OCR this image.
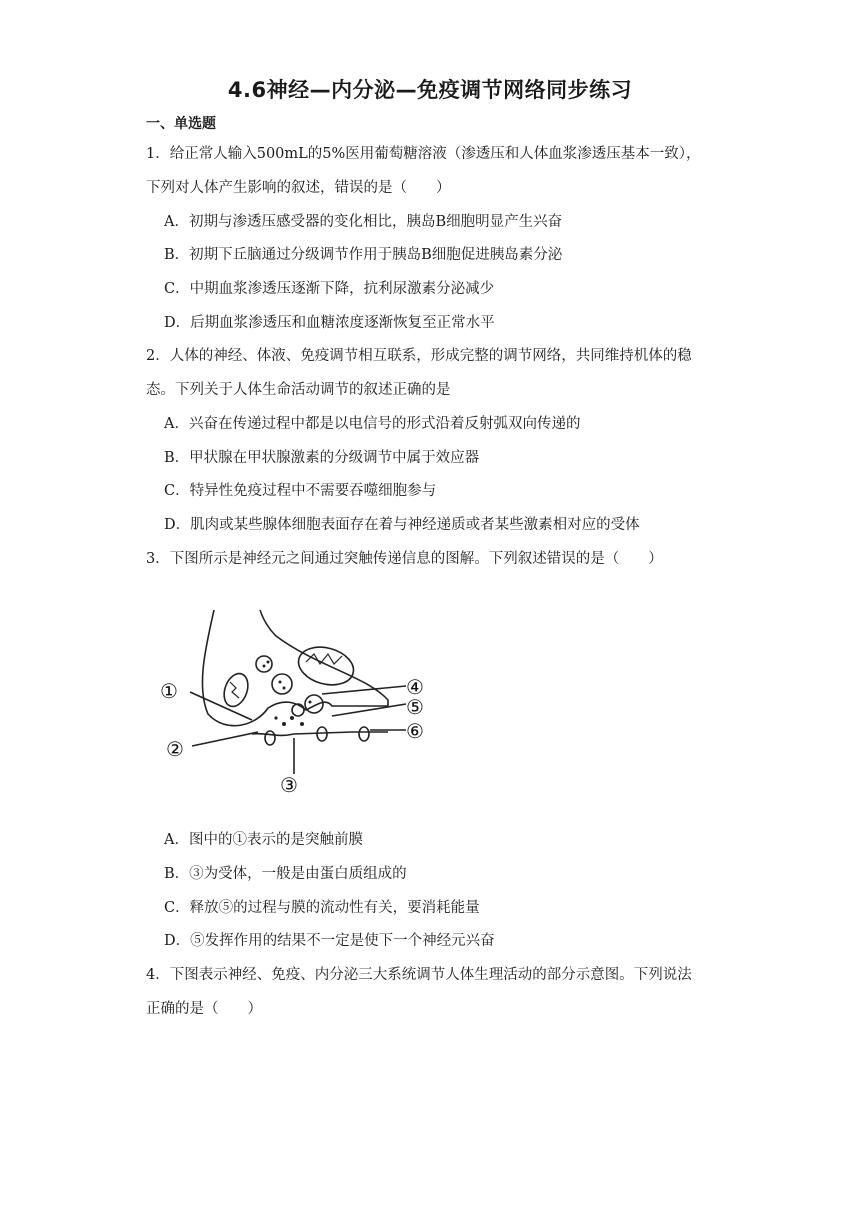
4.6神经—内分泌—免疫调节网络同步练习
一、单选题
1．给正常人输入500mL的5%医用葡萄糖溶液（渗透压和人体血浆渗透压基本一致），
下列对人体产生影响的叙述，错误的是（　　）
A．初期与渗透压感受器的变化相比，胰岛B细胞明显产生兴奋
B．初期下丘脑通过分级调节作用于胰岛B细胞促进胰岛素分泌
C．中期血浆渗透压逐渐下降，抗利尿激素分泌减少
D．后期血浆渗透压和血糖浓度逐渐恢复至正常水平
2．人体的神经、体液、免疫调节相互联系，形成完整的调节网络，共同维持机体的稳
态。下列关于人体生命活动调节的叙述正确的是
A．兴奋在传递过程中都是以电信号的形式沿着反射弧双向传递的
B．甲状腺在甲状腺激素的分级调节中属于效应器
C．特异性免疫过程中不需要吞噬细胞参与
D．肌肉或某些腺体细胞表面存在着与神经递质或者某些激素相对应的受体
3．下图所示是神经元之间通过突触传递信息的图解。下列叙述错误的是（　　）
①
②
③
④
⑤
⑥
A．图中的①表示的是突触前膜
B．③为受体，一般是由蛋白质组成的
C．释放⑤的过程与膜的流动性有关，要消耗能量
D．⑤发挥作用的结果不一定是使下一个神经元兴奋
4．下图表示神经、免疫、内分泌三大系统调节人体生理活动的部分示意图。下列说法
正确的是（　　）
